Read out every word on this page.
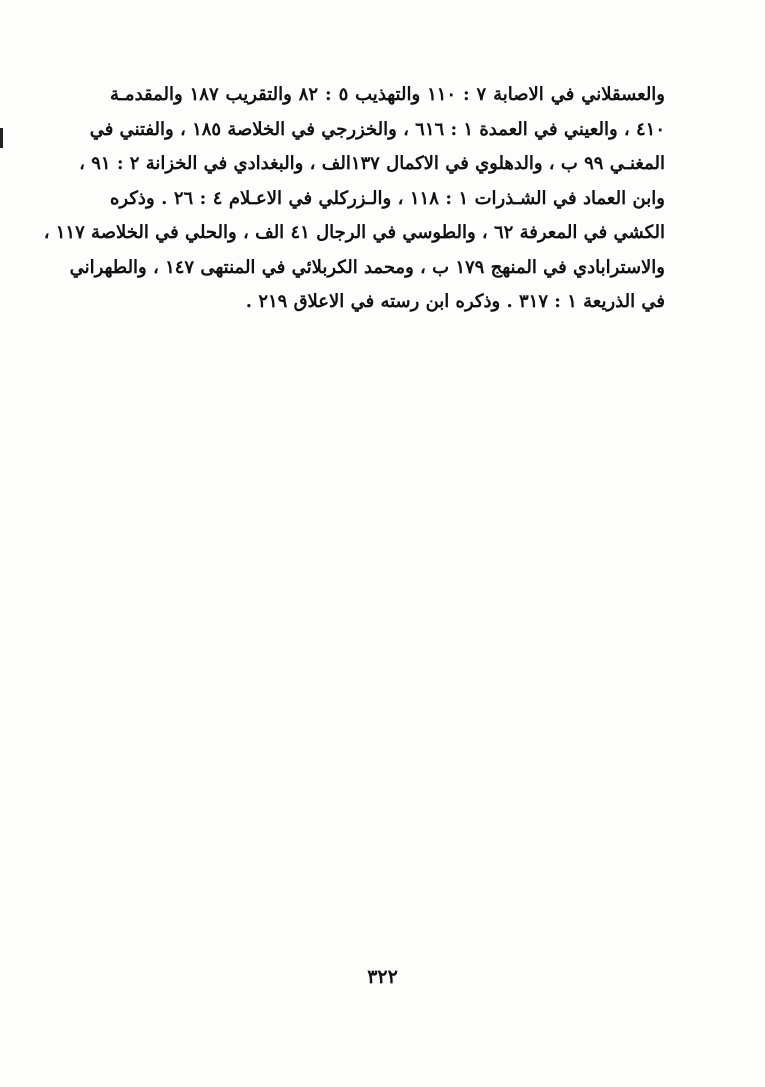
والعسقلاني في الاصابة ٧ : ١١٠ والتهذيب ٥ : ٨٢ والتقريب ١٨٧ والمقدمـة
٤١٠ ، والعيني في العمدة ١ : ٦١٦ ، والخزرجي في الخلاصة ١٨٥ ، والفتني في
المغنـي ٩٩ ب ، والدهلوي في الاكمال ١٣٧الف ، والبغدادي في الخزانة ٢ : ٩١ ،
وابن العماد في الشـذرات ١ : ١١٨ ، والـزركلي في الاعـلام ٤ : ٢٦ . وذكره
الكشي في المعرفة ٦٢ ، والطوسي في الرجال ٤١ الف ، والحلي في الخلاصة ١١٧ ،
والاسترابادي في المنهج ١٧٩ ب ، ومحمد الكربلائي في المنتهى ١٤٧ ، والطهراني
في الذريعة ١ : ٣١٧ . وذكره ابن رسته في الاعلاق ٢١٩ .
٣٢٢
